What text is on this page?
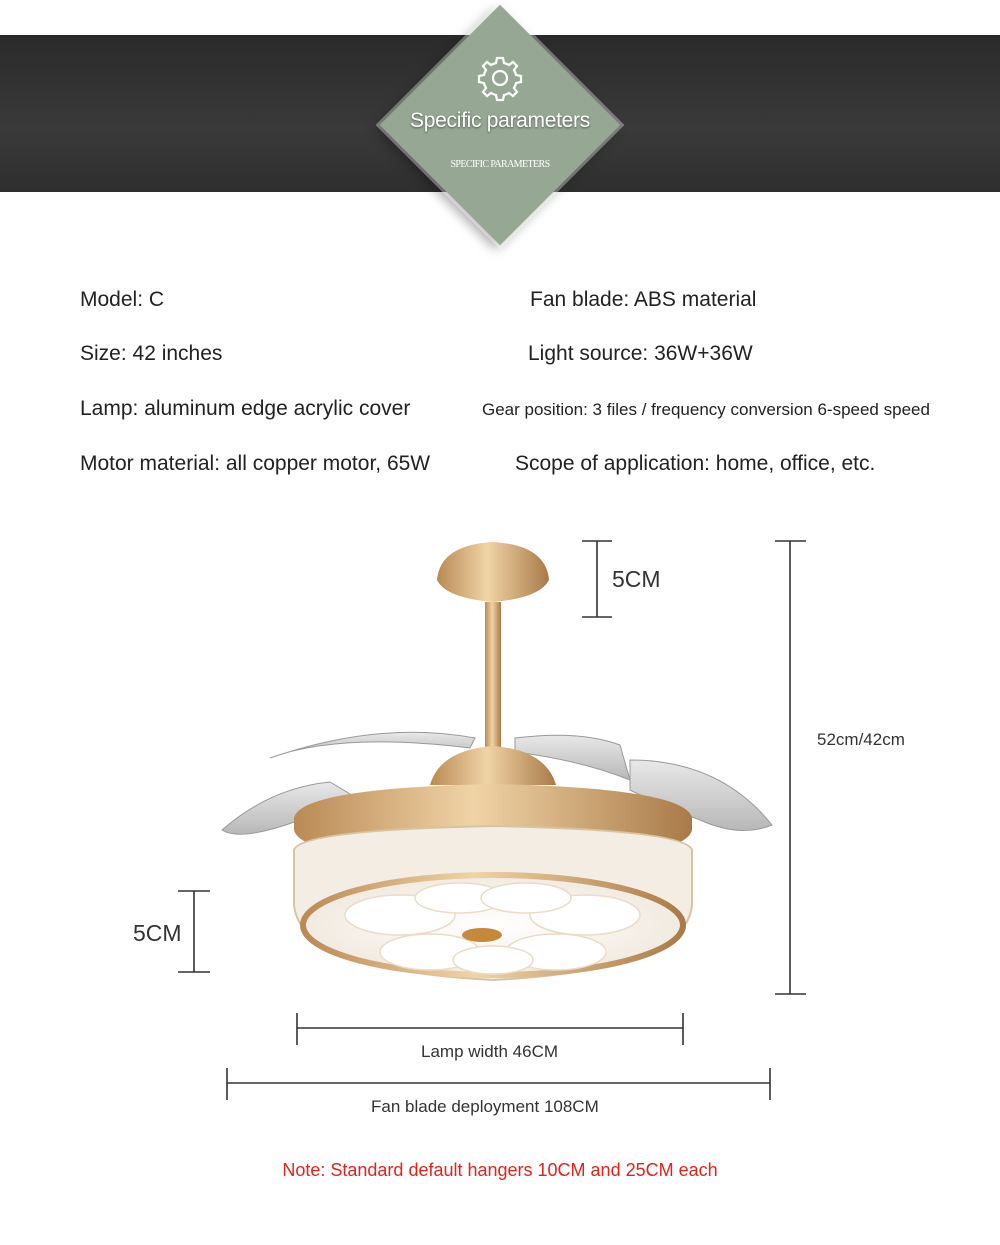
Specific parameters
SPECIFIC PARAMETERS
Model: C
Size: 42 inches
Lamp: aluminum edge acrylic cover
Motor material: all copper motor, 65W
Fan blade: ABS material
Light source: 36W+36W
Gear position: 3 files / frequency conversion 6-speed speed
Scope of application: home, office, etc.
5CM
52cm/42cm
5CM
Lamp width 46CM
Fan blade deployment 108CM
Note: Standard default hangers 10CM and 25CM each
